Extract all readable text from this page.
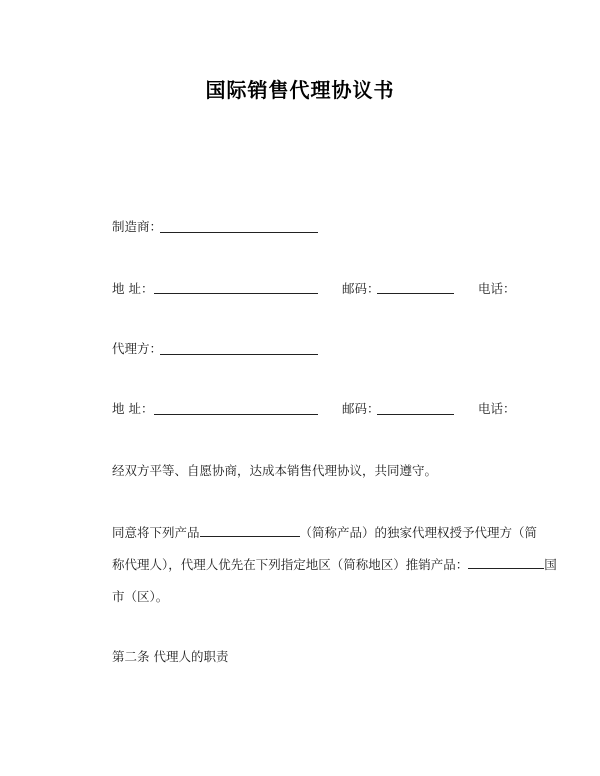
国际销售代理协议书
制造商：
地 址：	邮码：	电话：
代理方：
地 址：	邮码：	电话：
经双方平等、自愿协商，达成本销售代理协议，共同遵守。
同意将下列产品	（简称产品）的独家代理权授予代理方（简
称代理人），代理人优先在下列指定地区（简称地区）推销产品：	国
市（区）。
第二条 代理人的职责
